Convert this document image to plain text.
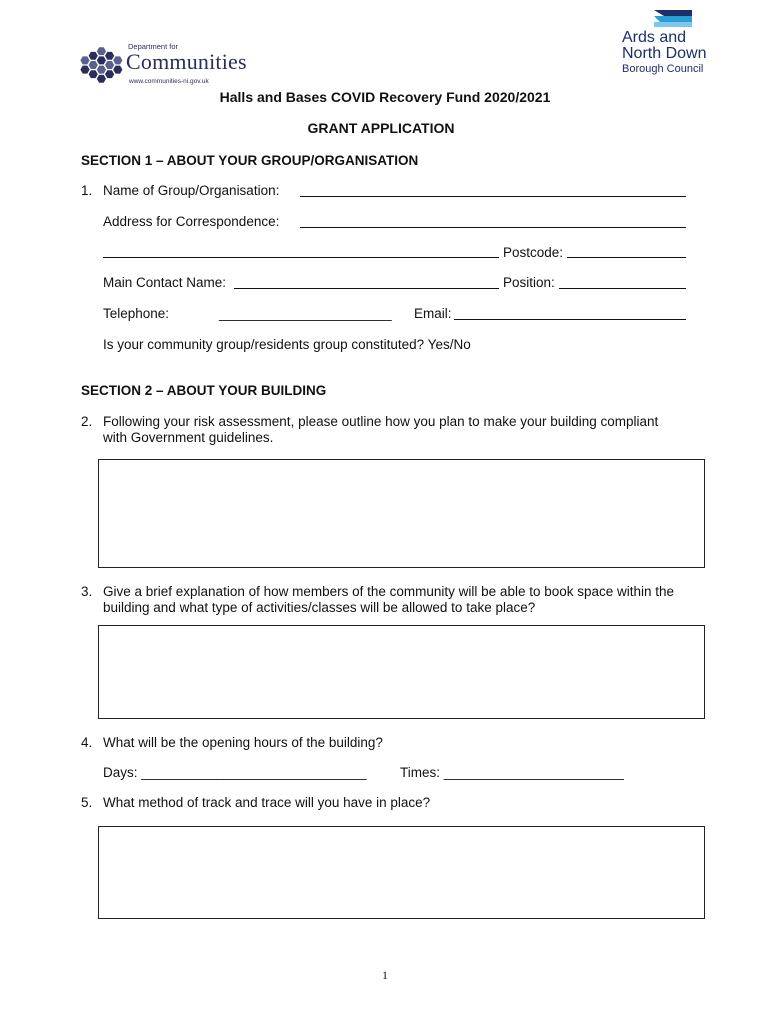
Department for
Communities
www.communities-ni.gov.uk
Ards and
North Down
Borough Council
Halls and Bases COVID Recovery Fund 2020/2021
GRANT APPLICATION
SECTION 1 – ABOUT YOUR GROUP/ORGANISATION
1. Name of Group/Organisation:
Address for Correspondence:
Postcode:
Main Contact Name:	Position:
Telephone:	_______________________ Email:
Is your community group/residents group constituted? Yes/No
SECTION 2 – ABOUT YOUR BUILDING
2. Following your risk assessment, please outline how you plan to make your building compliant
with Government guidelines.
3. Give a brief explanation of how members of the community will be able to book space within the
building and what type of activities/classes will be allowed to take place?
4. What will be the opening hours of the building?
Days: ______________________________ Times: ________________________
5. What method of track and trace will you have in place?
1
